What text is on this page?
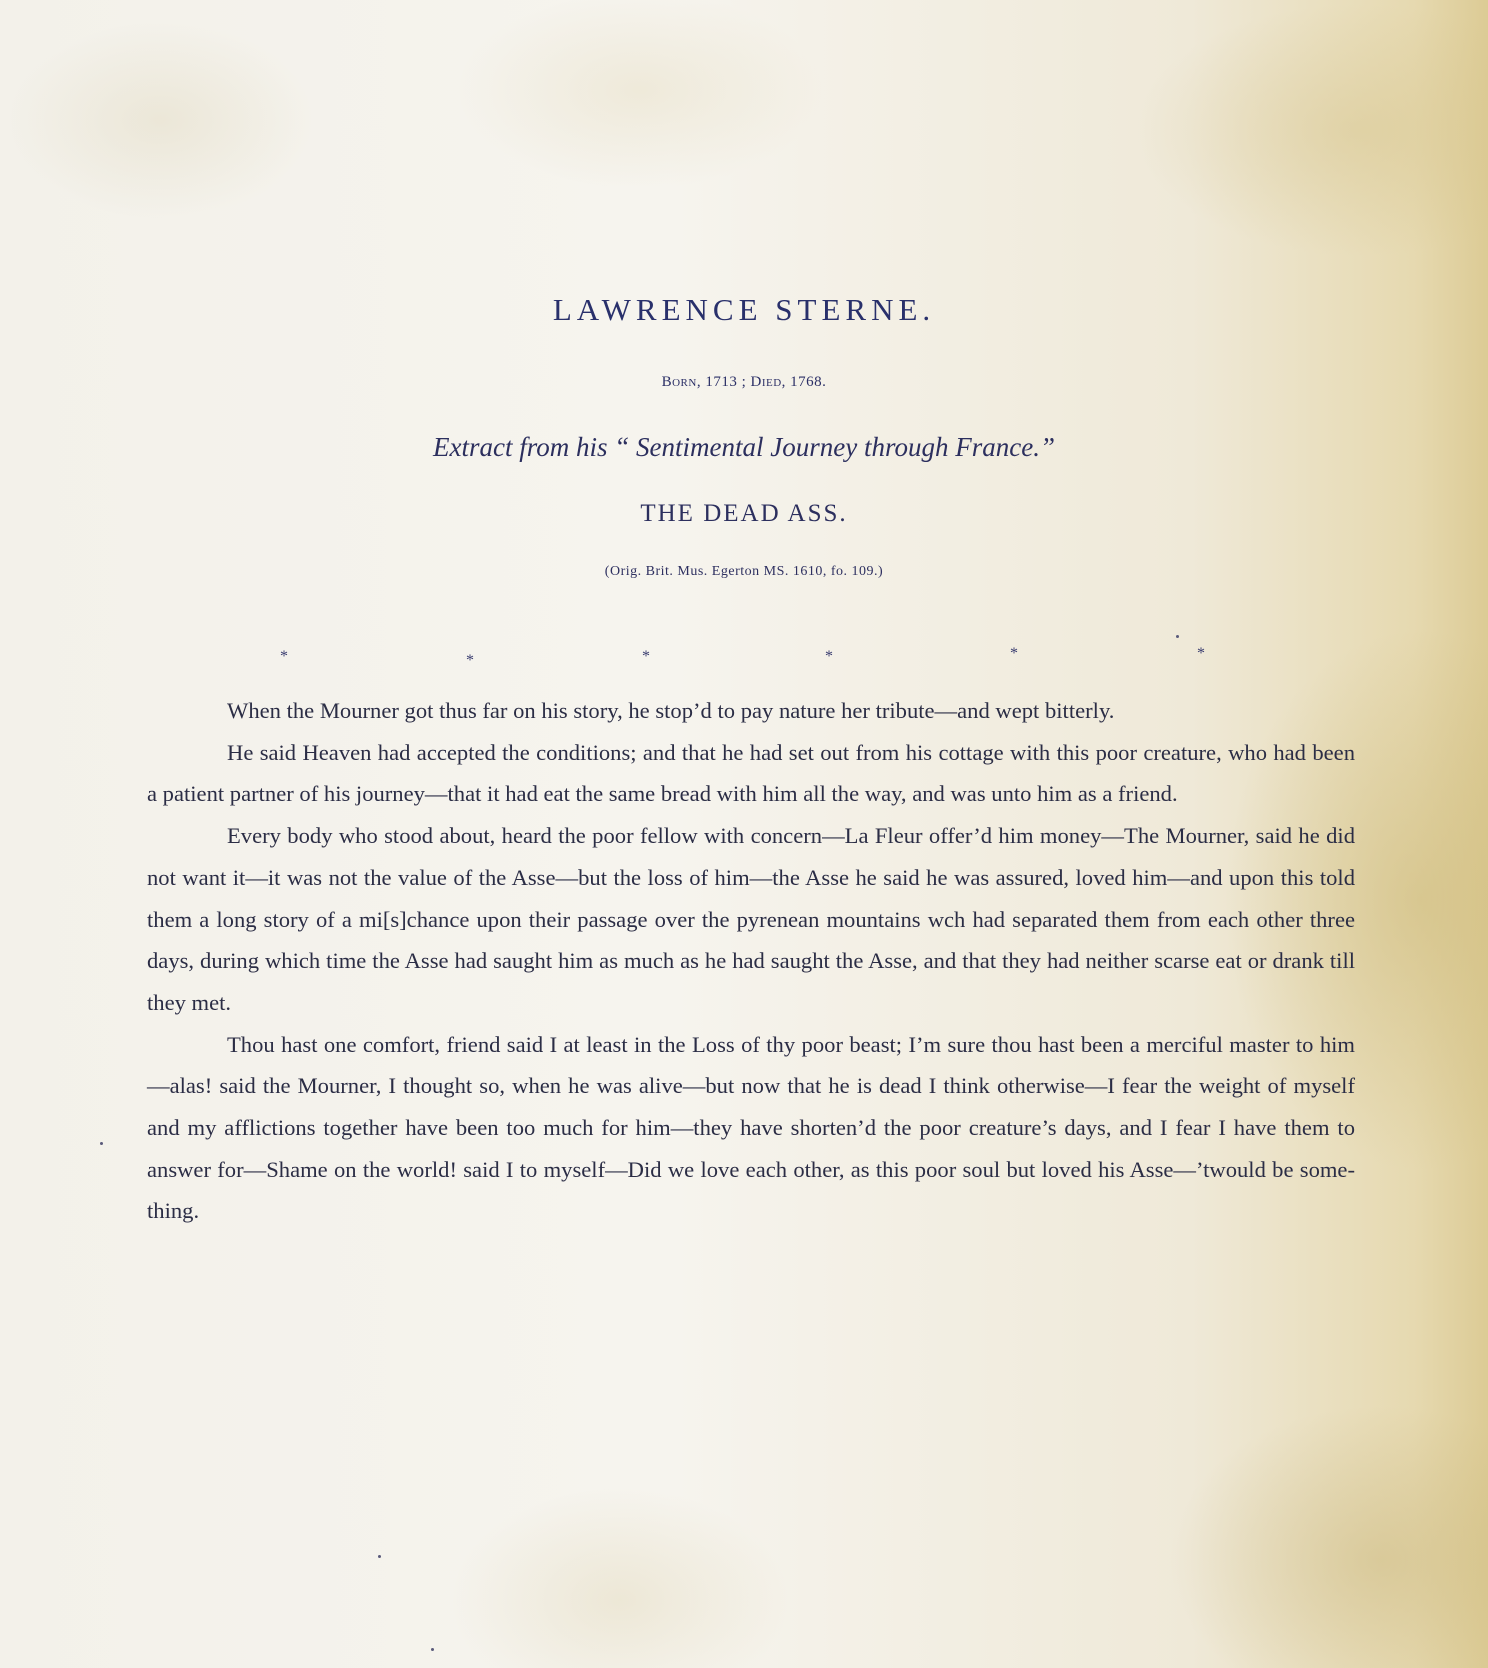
LAWRENCE STERNE.
Born, 1713 ; Died, 1768.
Extract from his “ Sentimental Journey through France.”
THE DEAD ASS.
(Orig. Brit. Mus. Egerton MS. 1610, fo. 109.)
*	*	*	*	*	*

When the Mourner got thus far on his story, he stop’d to pay nature her tribute—and wept bitterly.

He said Heaven had accepted the conditions; and that he had set out from his cottage with this poor creature, who had been a patient partner of his journey—that it had eat the same bread with him all the way, and was unto him as a friend.

Every body who stood about, heard the poor fellow with concern—La Fleur offer’d him money—The Mourner, said he did not want it—it was not the value of the Asse—but the loss of him—the Asse he said he was assured, loved him—and upon this told them a long story of a mi[s]chance upon their passage over the pyrenean mountains wch had separated them from each other three days, during which time the Asse had saught him as much as he had saught the Asse, and that they had neither scarse eat or drank till they met.

Thou hast one comfort, friend said I at least in the Loss of thy poor beast; I’m sure thou hast been a merciful master to him—alas! said the Mourner, I thought so, when he was alive—but now that he is dead I think otherwise—I fear the weight of myself and my afflictions together have been too much for him—they have shorten’d the poor creature’s days, and I fear I have them to answer for—Shame on the world! said I to myself—Did we love each other, as this poor soul but loved his Asse—’twould be some-thing.
